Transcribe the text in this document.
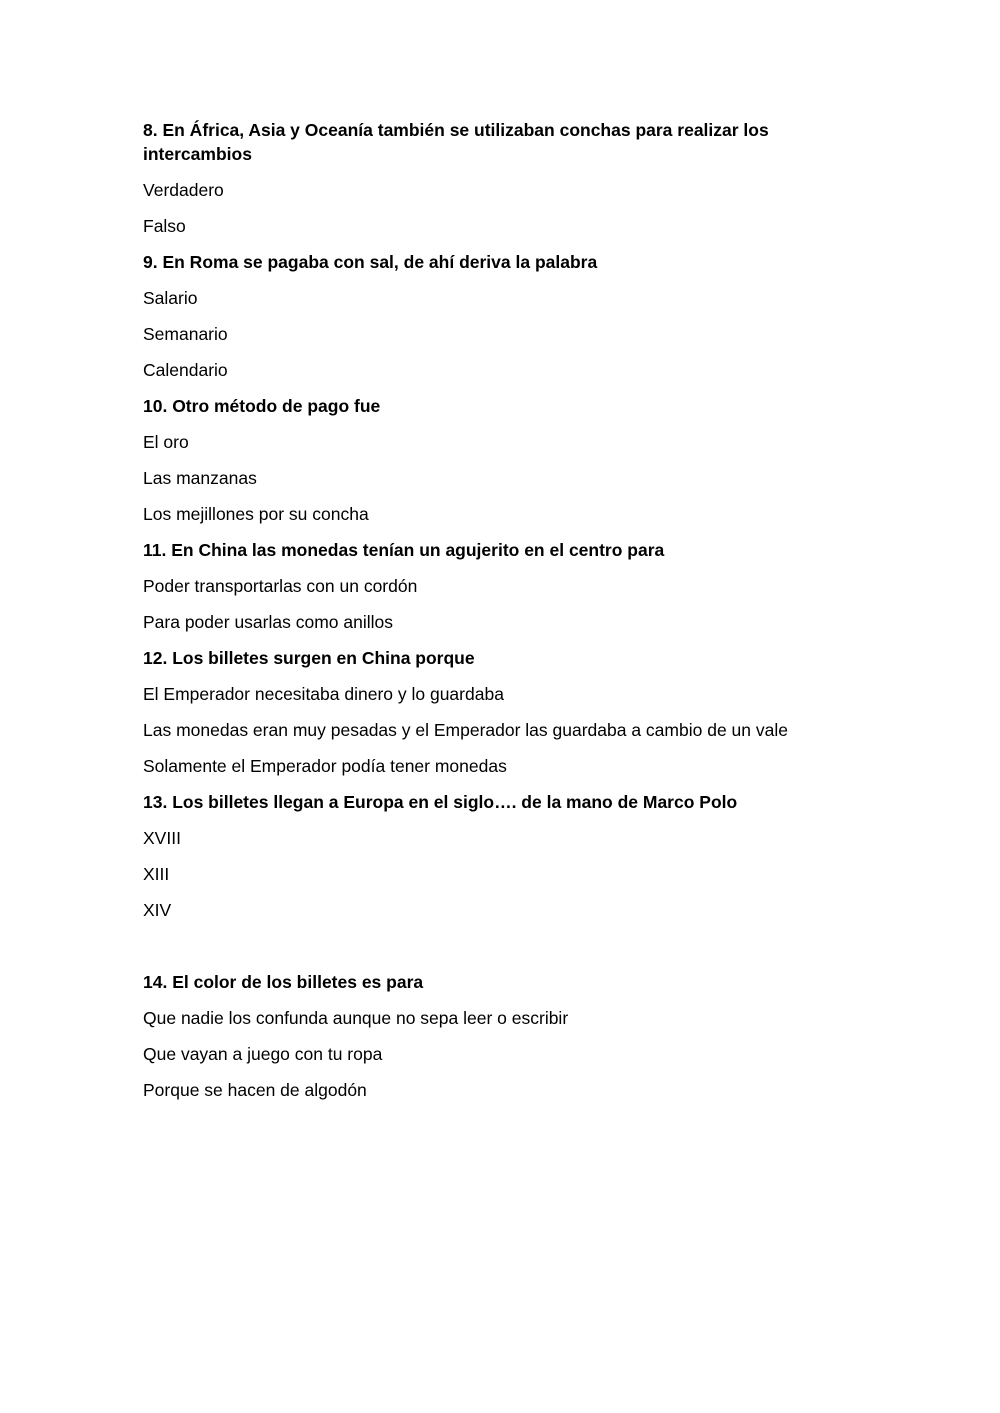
8. En África, Asia y Oceanía también se utilizaban conchas para realizar los intercambios
Verdadero
Falso
9. En Roma se pagaba con sal, de ahí deriva la palabra
Salario
Semanario
Calendario
10. Otro método de pago fue
El oro
Las manzanas
Los mejillones por su concha
11. En China las monedas tenían un agujerito en el centro para
Poder transportarlas con un cordón
Para poder usarlas como anillos
12. Los billetes surgen en China porque
El Emperador necesitaba dinero y lo guardaba
Las monedas eran muy pesadas y el Emperador las guardaba a cambio de un vale
Solamente el Emperador podía tener monedas
13. Los billetes llegan a Europa en el siglo…. de la mano de Marco Polo
XVIII
XIII
XIV
14. El color de los billetes es para
Que nadie los confunda aunque no sepa leer o escribir
Que vayan a juego con tu ropa
Porque se hacen de algodón
